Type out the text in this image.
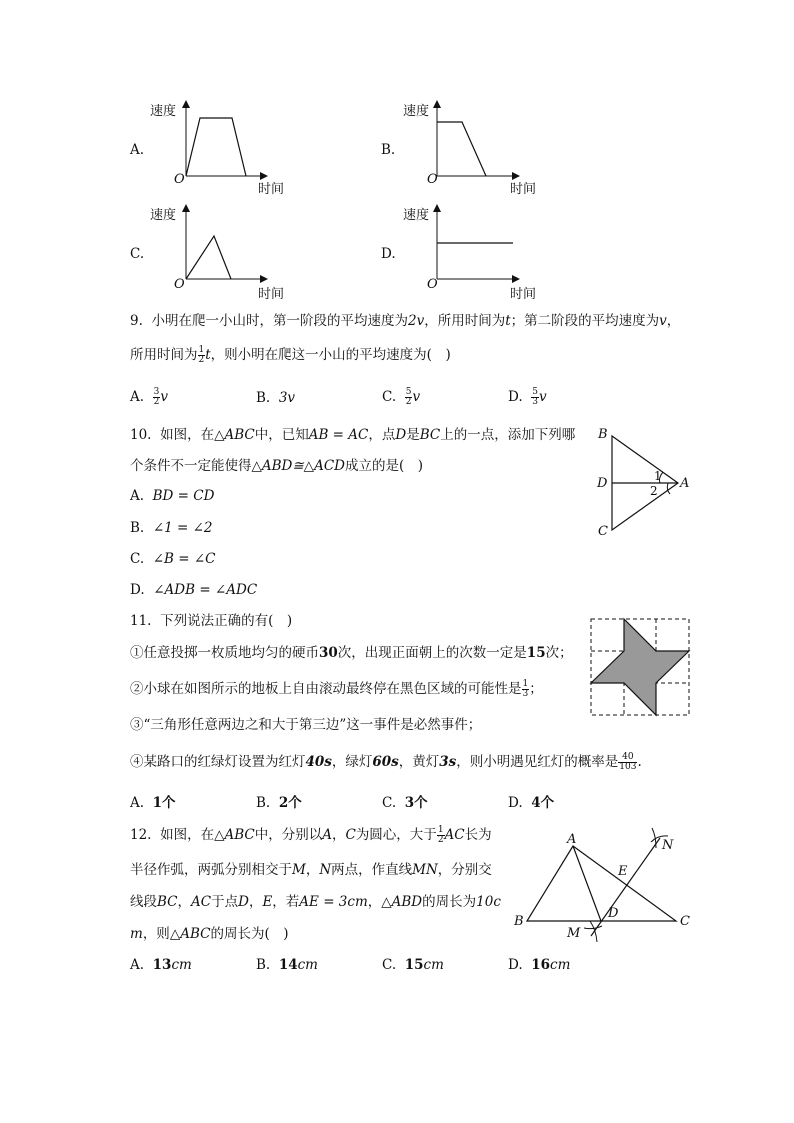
A.
速度
时间
O
B.
速度
时间
O
C.
速度
时间
O
D.
速度
时间
O
9. 小明在爬一小山时，第一阶段的平均速度为2v，所用时间为t；第二阶段的平均速度为v，
所用时间为 $\frac{1}{2}$ t，则小明在爬这一小山的平均速度为(　)
A. $\frac{3}{2}$ v	B. 3v	C. $\frac{5}{2}$ v	D. $\frac{5}{3}$ v
10. 如图，在△ABC中，已知AB = AC，点D是BC上的一点，添加下列哪
个条件不一定能使得△ABD≅△ACD成立的是(　)
A. BD = CD
B. ∠1 = ∠2
C. ∠B = ∠C
D. ∠ADB = ∠ADC
B
D
C
A
1
2
11. 下列说法正确的有(　)
①任意投掷一枚质地均匀的硬币30次，出现正面朝上的次数一定是15次；
②小球在如图所示的地板上自由滚动最终停在黑色区域的可能性是 $\frac{1}{3}$ ；
③“三角形任意两边之和大于第三边”这一事件是必然事件；
④某路口的红绿灯设置为红灯40s，绿灯60s，黄灯3s，则小明遇见红灯的概率是 $\frac{40}{103}$ .
A. 1个	B. 2个	C. 3个	D. 4个
12. 如图，在△ABC中，分别以A，C为圆心，大于 $\frac{1}{2}$ AC长为
半径作弧，两弧分别相交于M，N两点，作直线MN，分别交
线段BC，AC于点D，E，若AE = 3cm，△ABD的周长为10c
m，则△ABC的周长为(　)
A. 13cm	B. 14cm	C. 15cm	D. 16cm
A
B	C
D
E
M
N
